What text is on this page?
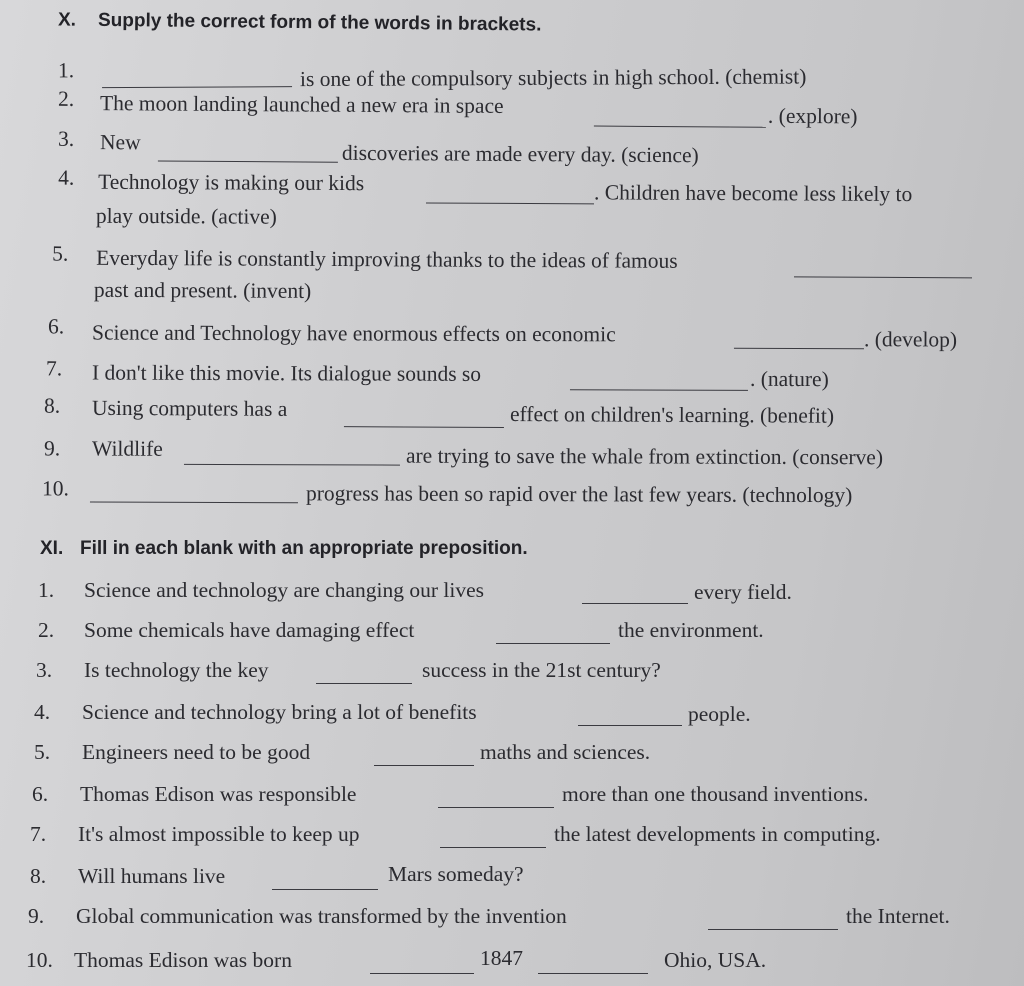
X. Supply the correct form of the words in brackets.
1.	is one of the compulsory subjects in high school. (chemist)
2. The moon landing launched a new era in space	. (explore)
3. New	discoveries are made every day. (science)
4. Technology is making our kids	. Children have become less likely to
play outside. (active)
5. Everyday life is constantly improving thanks to the ideas of famous
past and present. (invent)
6. Science and Technology have enormous effects on economic	. (develop)
7. I don't like this movie. Its dialogue sounds so	. (nature)
8. Using computers has a	effect on children's learning. (benefit)
9. Wildlife	are trying to save the whale from extinction. (conserve)
10.	progress has been so rapid over the last few years. (technology)
XI. Fill in each blank with an appropriate preposition.
1. Science and technology are changing our lives	every field.
2. Some chemicals have damaging effect	the environment.
3. Is technology the key	success in the 21st century?
4. Science and technology bring a lot of benefits	people.
5. Engineers need to be good	maths and sciences.
6. Thomas Edison was responsible	more than one thousand inventions.
7. It's almost impossible to keep up	the latest developments in computing.
8. Will humans live	Mars someday?
9. Global communication was transformed by the invention	the Internet.
10. Thomas Edison was born	1847	Ohio, USA.
